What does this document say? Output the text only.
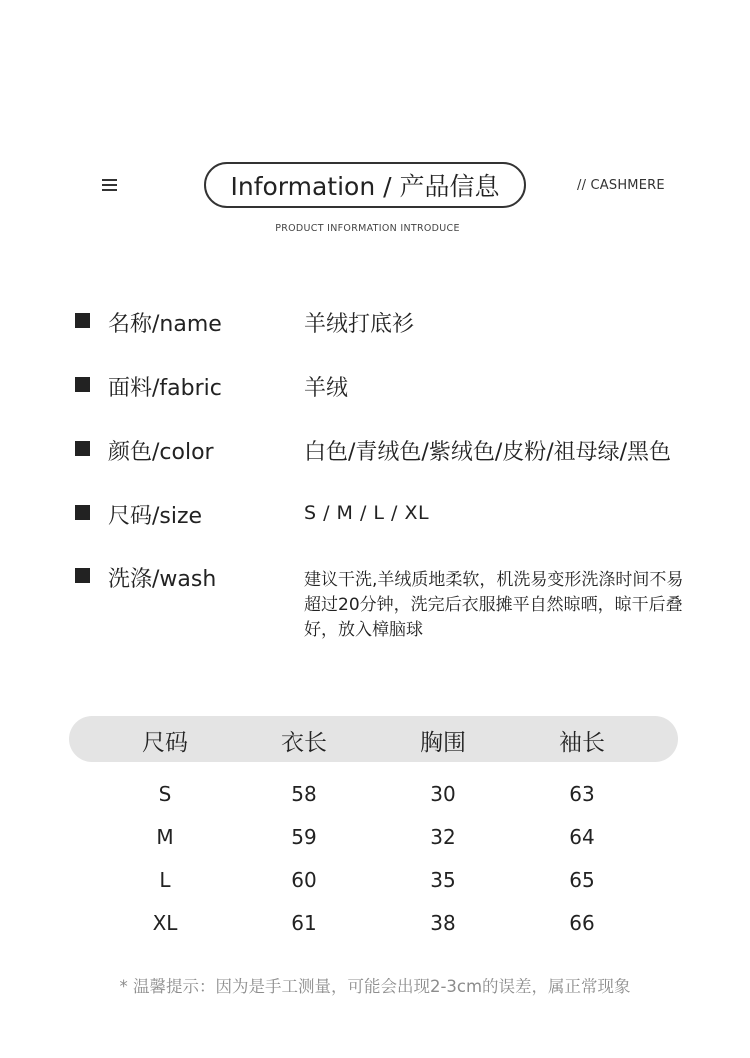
Information / 产品信息	// CASHMERE
PRODUCT INFORMATION INTRODUCE
名称/name	羊绒打底衫
面料/fabric	羊绒
颜色/color	白色/青绒色/紫绒色/皮粉/祖母绿/黑色
尺码/size	S / M / L / XL
洗涤/wash	建议干洗,羊绒质地柔软，机洗易变形洗涤时间不易超过20分钟，洗完后衣服摊平自然晾晒，晾干后叠好，放入樟脑球
尺码	衣长	胸围	袖长
S	58	30	63
M	59	32	64
L	60	35	65
XL	61	38	66
* 温馨提示：因为是手工测量，可能会出现2-3cm的误差，属正常现象
